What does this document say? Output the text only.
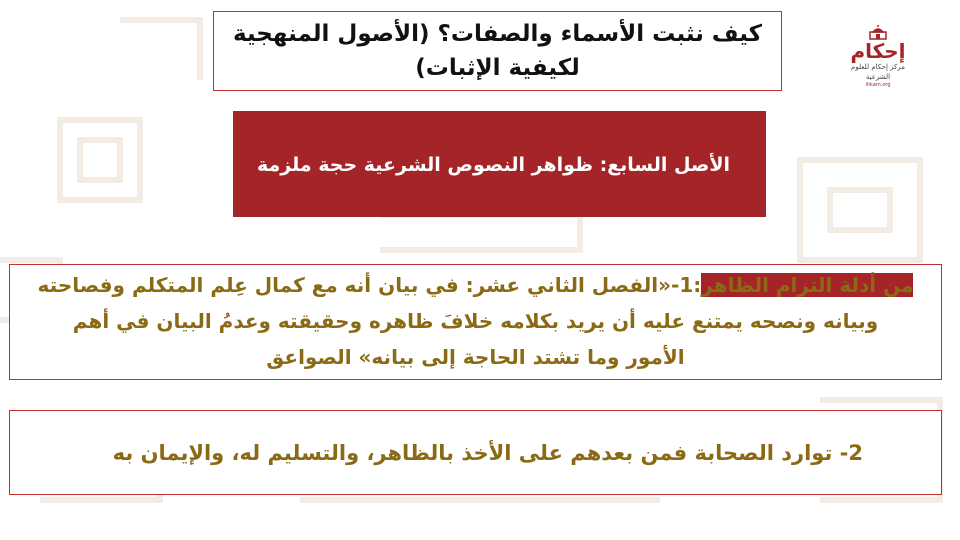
كيف نثبت الأسماء والصفات؟ (الأصول المنهجية
لكيفية الإثبات)
الأصل السابع: ظواهر النصوص الشرعية حجة ملزمة
من أدلة التزام الظاهر:1-«الفصل الثاني عشر: في بيان أنه مع كمال عِلم المتكلم وفصاحته
وبيانه ونصحه يمتنع عليه أن يريد بكلامه خلافَ ظاهره وحقيقته وعدمُ البيان في أهم
الأمور وما تشتد الحاجة إلى بيانه» الصواعق
2- توارد الصحابة فمن بعدهم على الأخذ بالظاهر، والتسليم له، والإيمان به
إحكام
مركز إحكام للعلوم الشرعية
ihkam.org
